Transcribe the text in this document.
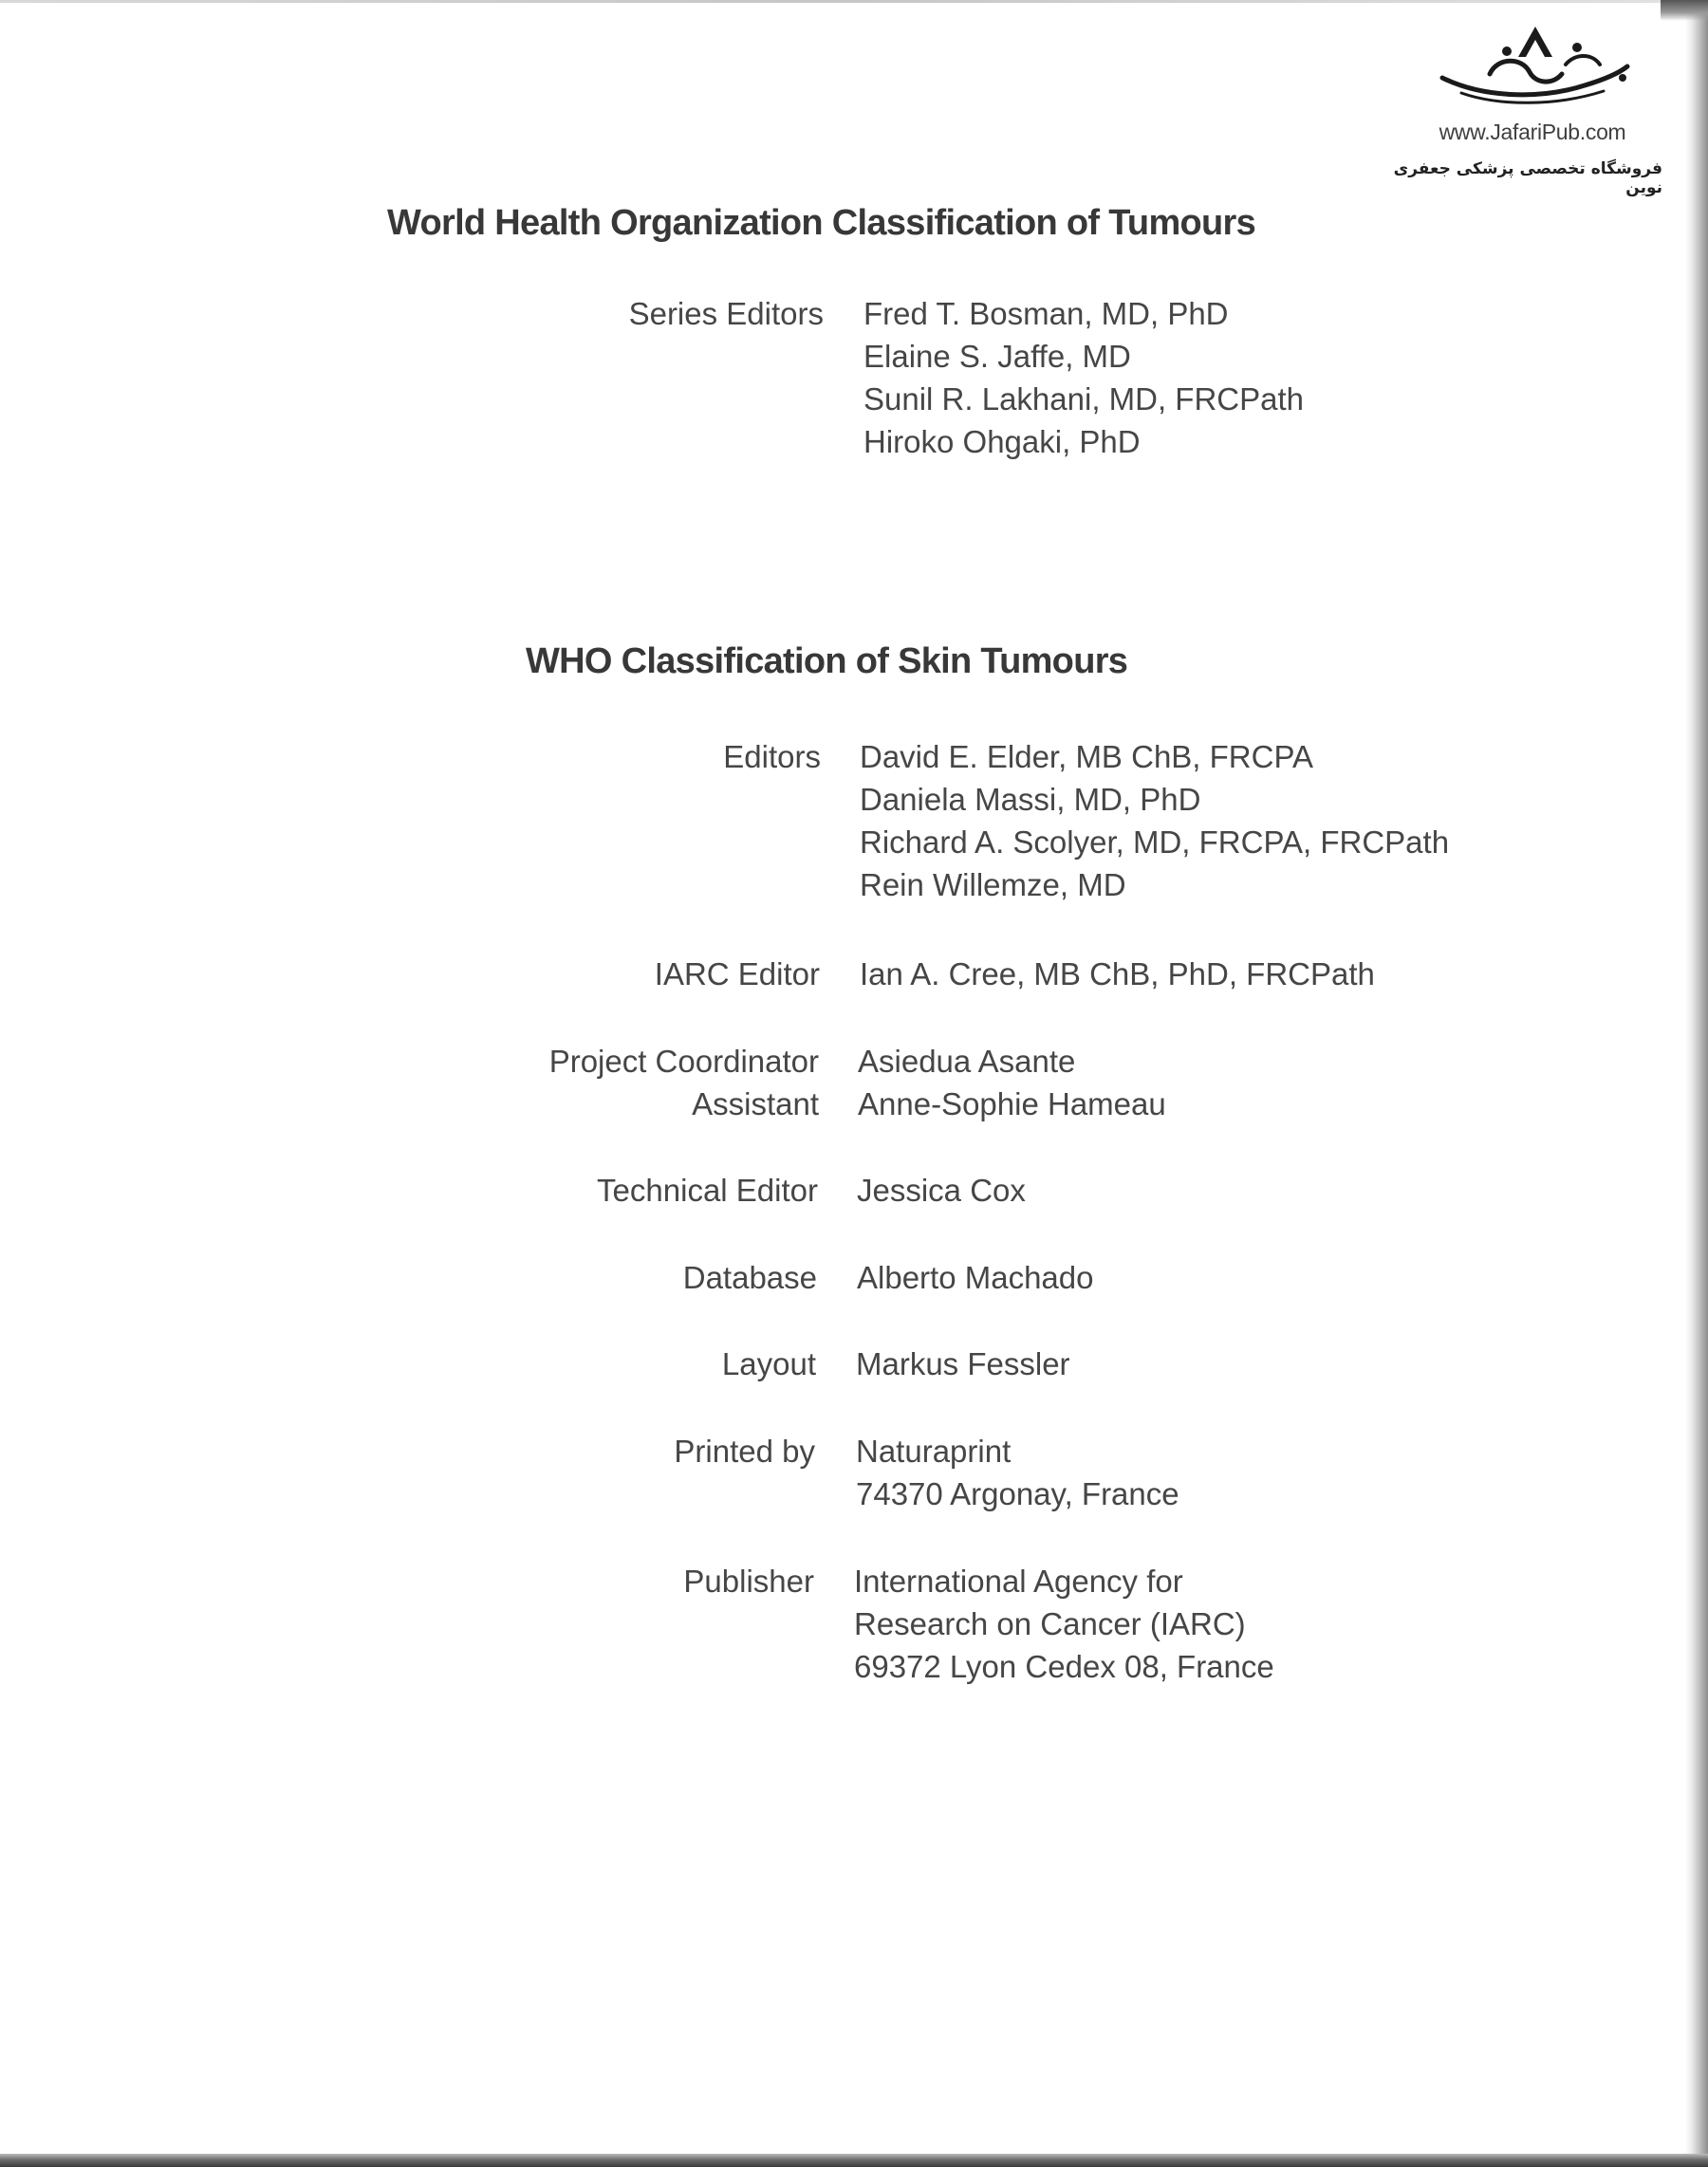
www.JafariPub.com
فروشگاه تخصصی پزشکی جعفری نوین
World Health Organization Classification of Tumours
Series Editors Fred T. Bosman, MD, PhD
Elaine S. Jaffe, MD
Sunil R. Lakhani, MD, FRCPath
Hiroko Ohgaki, PhD
WHO Classification of Skin Tumours
Editors David E. Elder, MB ChB, FRCPA
Daniela Massi, MD, PhD
Richard A. Scolyer, MD, FRCPA, FRCPath
Rein Willemze, MD
IARC Editor Ian A. Cree, MB ChB, PhD, FRCPath
Project Coordinator
Assistant
Asiedua Asante
Anne-Sophie Hameau
Technical Editor Jessica Cox
Database Alberto Machado
Layout Markus Fessler
Printed by Naturaprint
74370 Argonay, France
Publisher International Agency for
Research on Cancer (IARC)
69372 Lyon Cedex 08, France
